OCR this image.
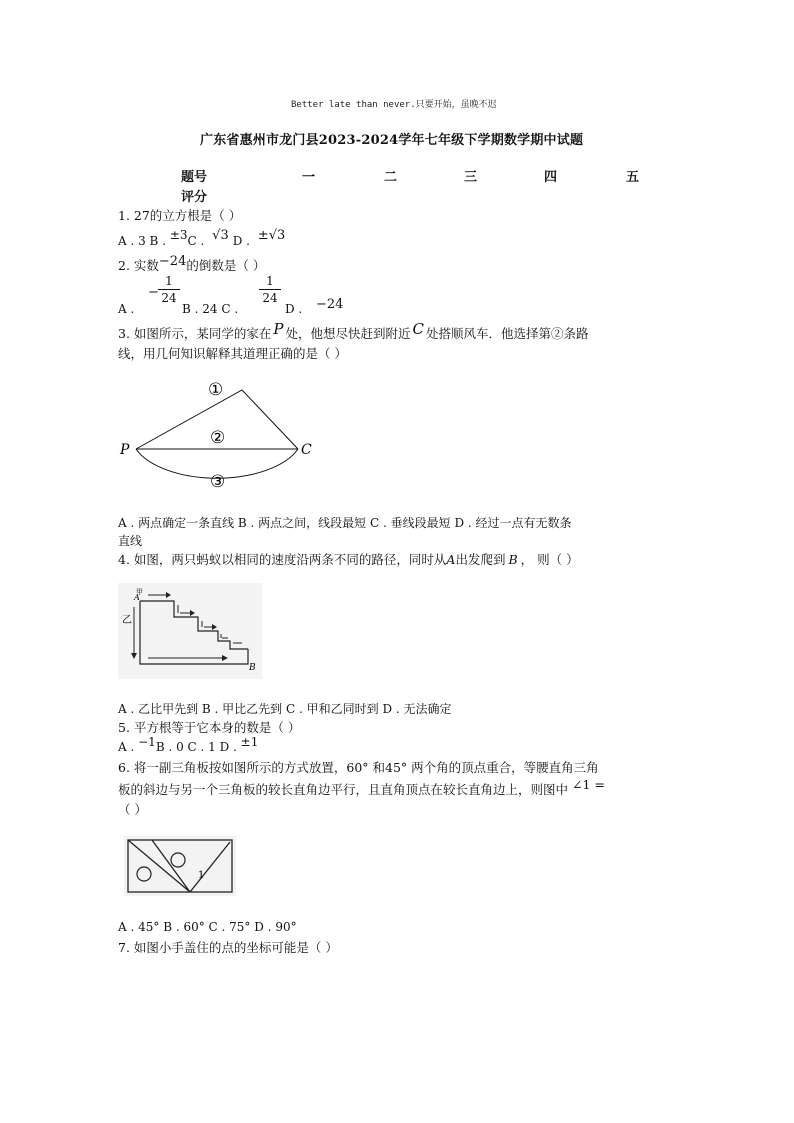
Better late than never.只要开始，虽晚不迟
广东省惠州市龙门县2023-2024学年七年级下学期数学期中试题
题号	一	二	三	四	五
评分
1. 27的立方根是（ ）
A . 3 B . ±3C . √3 D . ±√3
2. 实数−24的倒数是（ ）
A .
−
1
24
B . 24 C .
1
24
D . −24
3. 如图所示，某同学的家在 P 处，他想尽快赶到附近 C 处搭顺风车．他选择第②条路
线，用几何知识解释其道理正确的是（ ）
P	C
①
②
③
A . 两点确定一条直线 B . 两点之间，线段最短 C . 垂线段最短 D . 经过一点有无数条
直线
4. 如图，两只蚂蚁以相同的速度沿两条不同的路径，同时从A出发爬到 B ， 则（ ）
A
甲
乙
B
A . 乙比甲先到 B . 甲比乙先到 C . 甲和乙同时到 D . 无法确定
5. 平方根等于它本身的数是（ ）
A . −1B . 0 C . 1 D . ±1
6. 将一副三角板按如图所示的方式放置，60° 和45° 两个角的顶点重合，等腰直角三角
板的斜边与另一个三角板的较长直角边平行，且直角顶点在较长直角边上，则图中 ∠1 =
（ ）
1
A . 45° B . 60° C . 75° D . 90°
7. 如图小手盖住的点的坐标可能是（ ）
